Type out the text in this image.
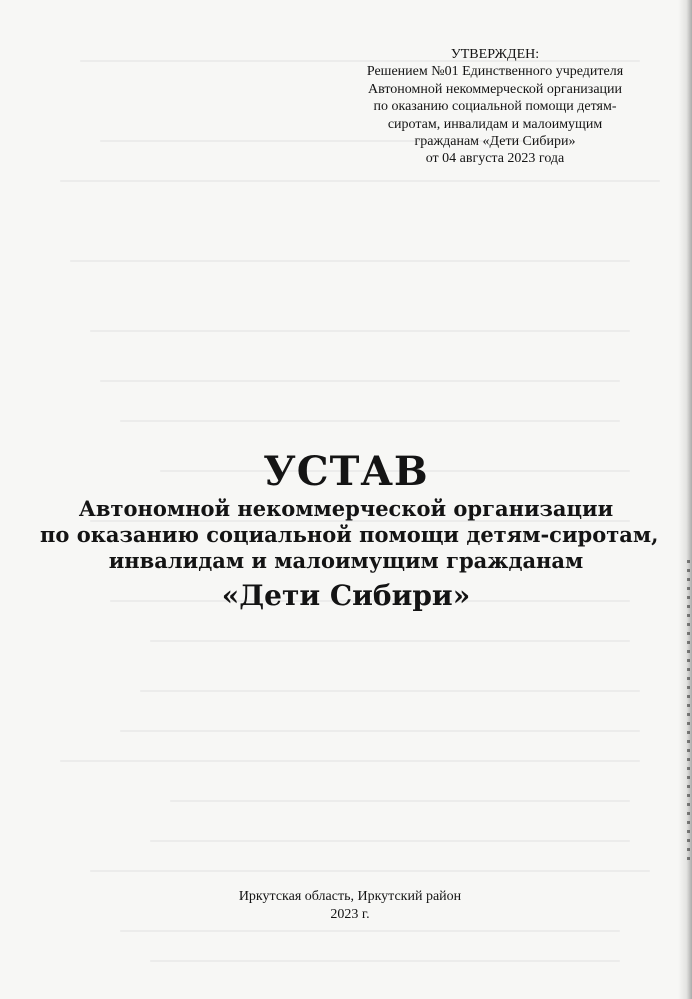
УТВЕРЖДЕН:
Решением №01 Единственного учредителя
Автономной некоммерческой организации
по оказанию социальной помощи детям-
сиротам, инвалидам и малоимущим
гражданам «Дети Сибири»
от 04 августа 2023 года
УСТАВ
Автономной некоммерческой организации
по оказанию социальной помощи детям-сиротам,
инвалидам и малоимущим гражданам
«Дети Сибири»
Иркутская область, Иркутский район
2023 г.
